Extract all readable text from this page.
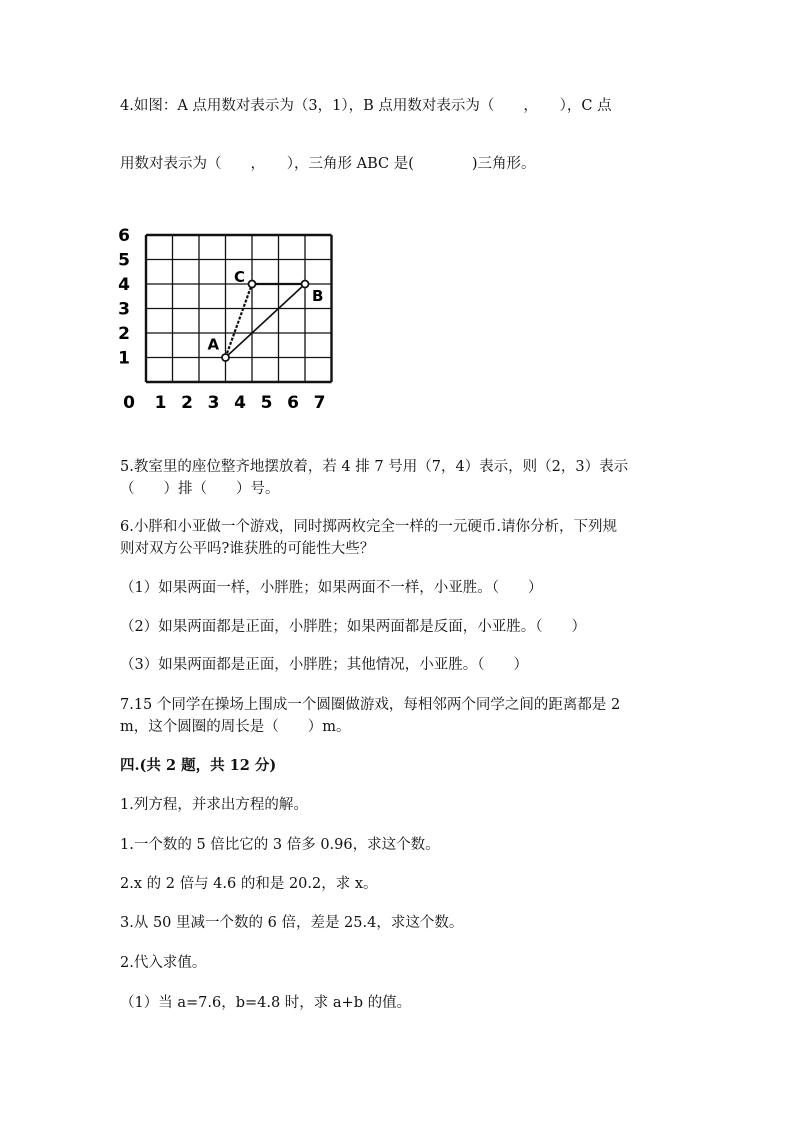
4.如图：A 点用数对表示为（3，1），B 点用数对表示为（　　，　　），C 点
用数对表示为（　　，　　），三角形 ABC 是(　　　　)三角形。
6
5
4
3
2
1
0 1 2 3 4 5 6 7
A
B
C
5.教室里的座位整齐地摆放着，若 4 排 7 号用（7，4）表示，则（2，3）表示
（　　）排（　　）号。
6.小胖和小亚做一个游戏，同时掷两枚完全一样的一元硬币.请你分析，下列规
则对双方公平吗?谁获胜的可能性大些？
（1）如果两面一样，小胖胜；如果两面不一样，小亚胜。（　　）
（2）如果两面都是正面，小胖胜；如果两面都是反面，小亚胜。（　　）
（3）如果两面都是正面，小胖胜；其他情况，小亚胜。（　　）
7.15 个同学在操场上围成一个圆圈做游戏，每相邻两个同学之间的距离都是 2
m，这个圆圈的周长是（　　）m。
四.(共 2 题，共 12 分)
1.列方程，并求出方程的解。
1.一个数的 5 倍比它的 3 倍多 0.96，求这个数。
2.x 的 2 倍与 4.6 的和是 20.2，求 x。
3.从 50 里减一个数的 6 倍，差是 25.4，求这个数。
2.代入求值。
（1）当 a=7.6，b=4.8 时，求 a+b 的值。
